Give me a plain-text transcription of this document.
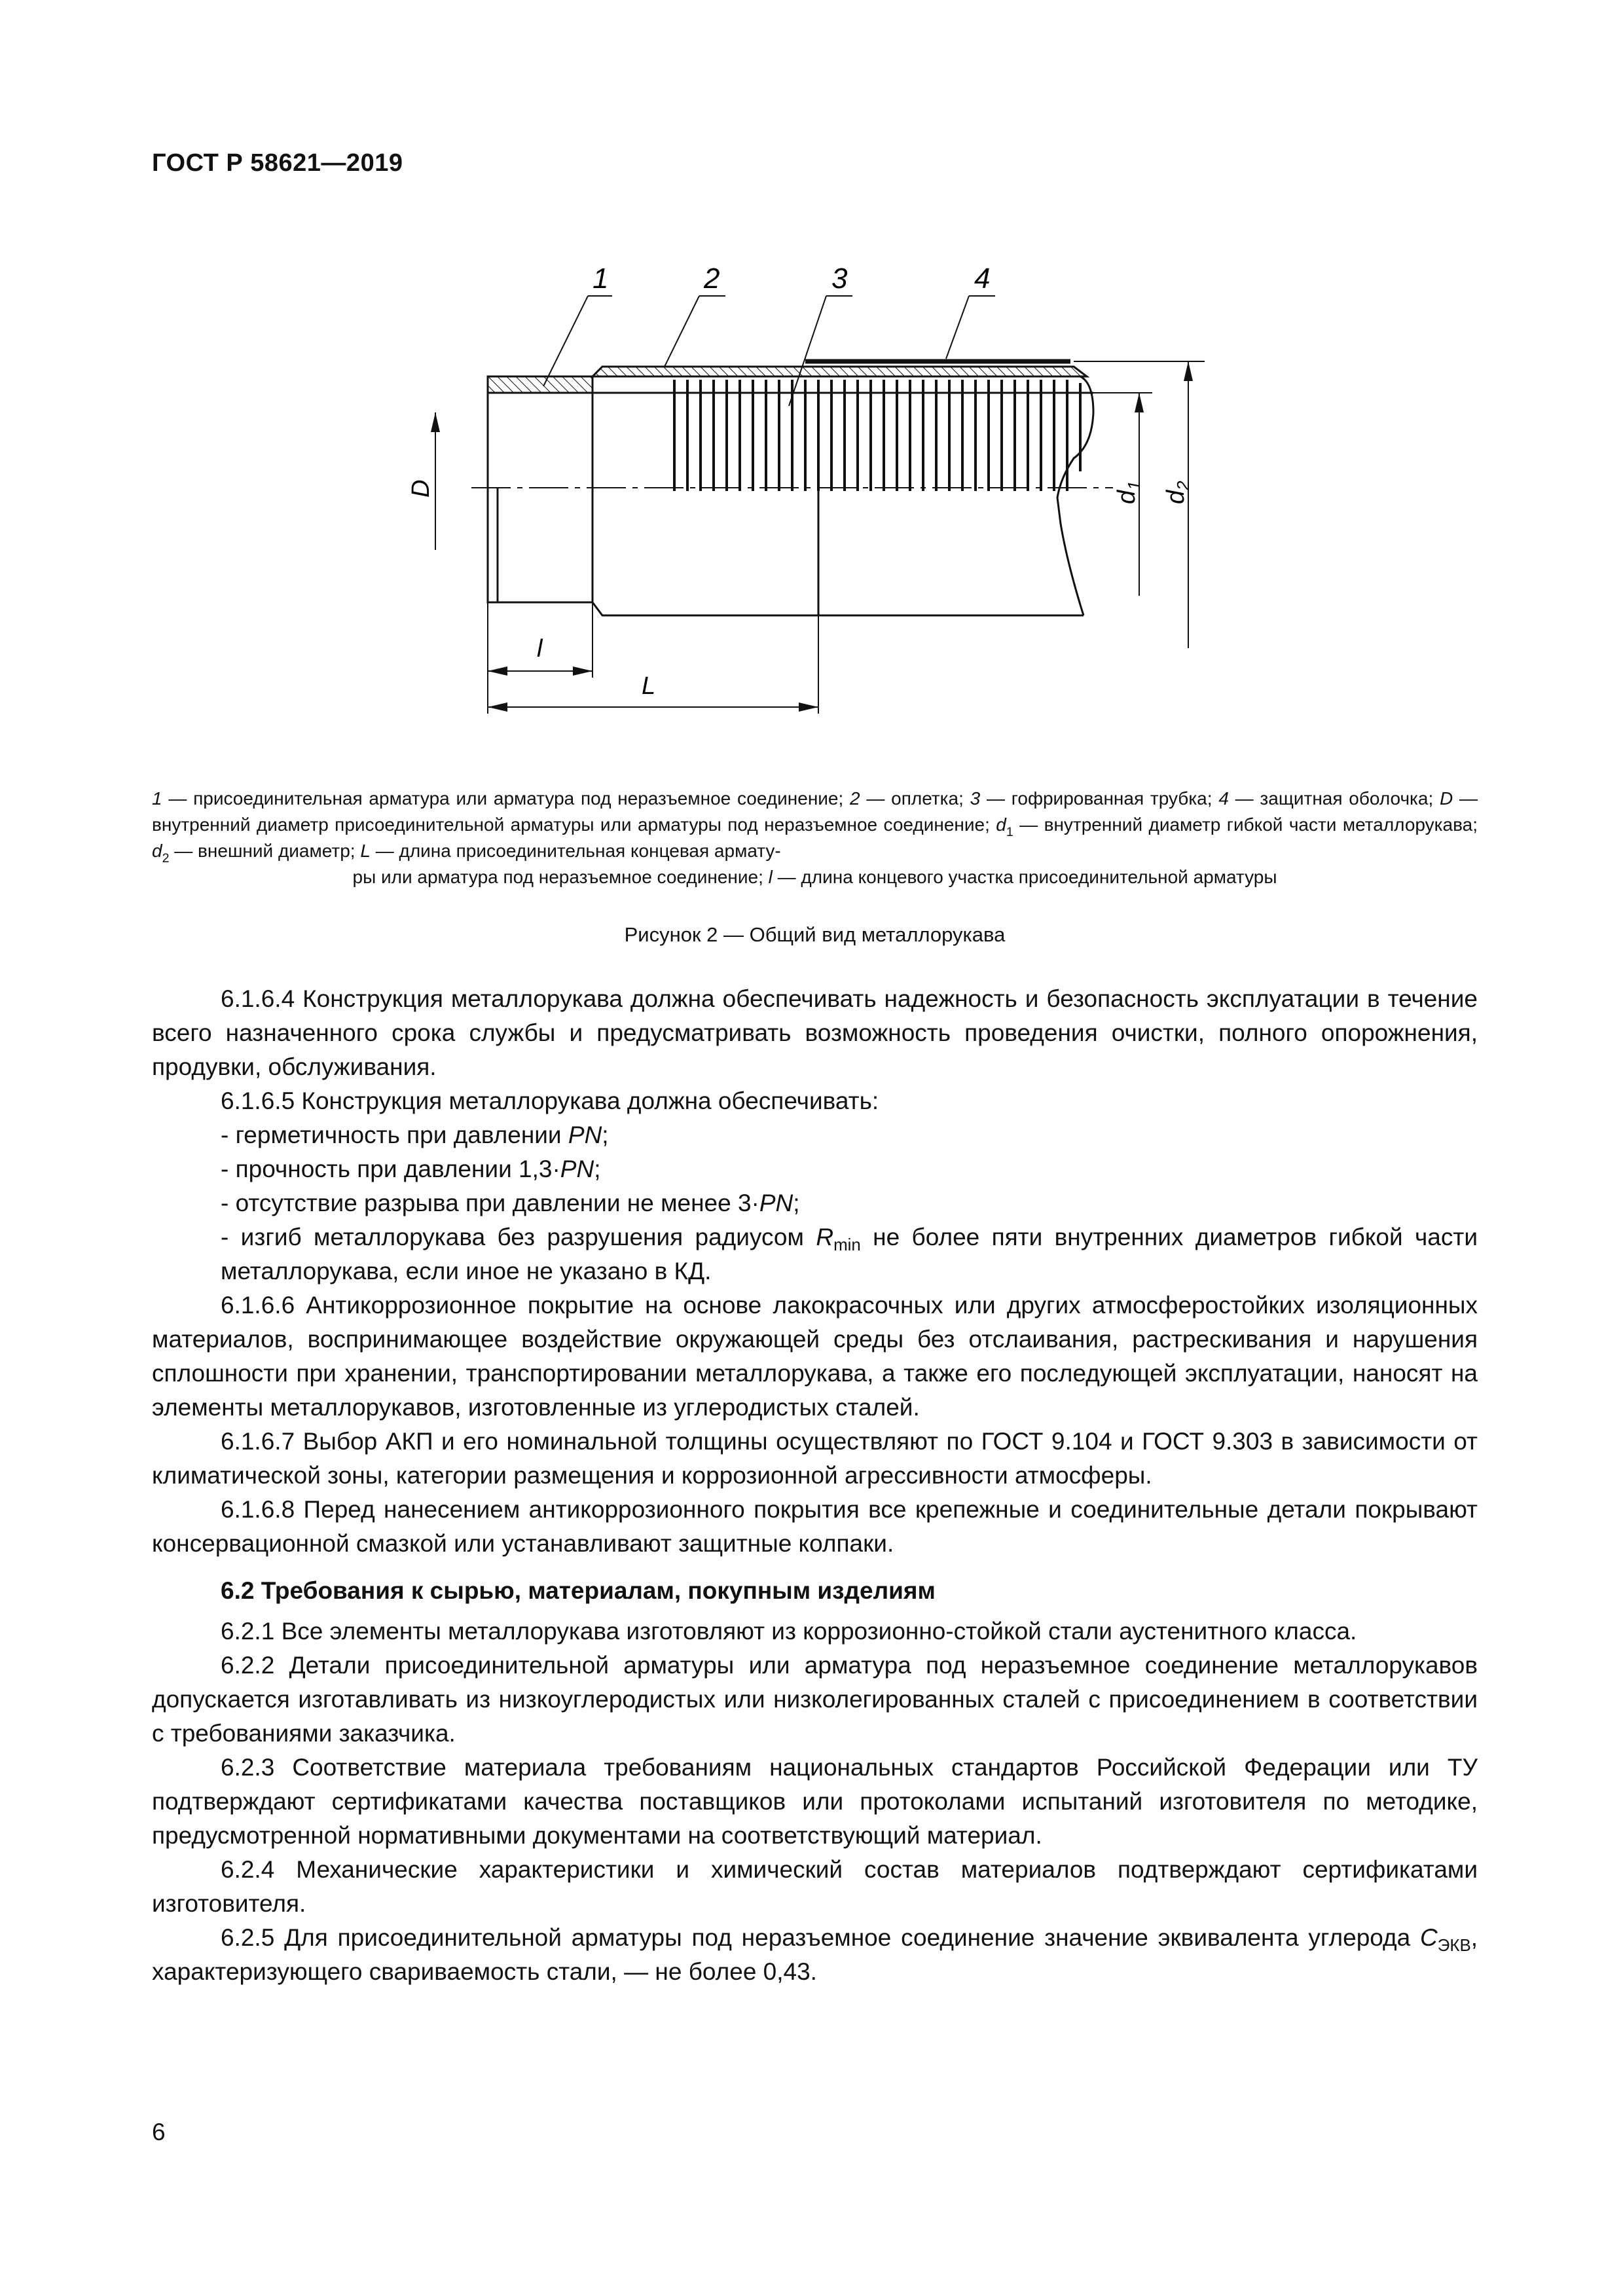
ГОСТ Р 58621—2019
1	2	3	4
D	$d_1$
$d_2$
l
L
1 — присоединительная арматура или арматура под неразъемное соединение; 2 — оплетка; 3 — гофрированная трубка; 4 — защитная оболочка; D — внутренний диаметр присоединительной арматуры или арматуры под неразъемное соединение; $d_1$ — внутренний диаметр гибкой части металлорукава; $d_2$ — внешний диаметр; L — длина присоединительная концевая армату-
ры или арматура под неразъемное соединение; l — длина концевого участка присоединительной арматуры
Рисунок 2 — Общий вид металлорукава

6.1.6.4 Конструкция металлорукава должна обеспечивать надежность и безопасность эксплуатации в течение всего назначенного срока службы и предусматривать возможность проведения очистки, полного опорожнения, продувки, обслуживания.

6.1.6.5 Конструкция металлорукава должна обеспечивать:

- герметичность при давлении PN;

- прочность при давлении 1,3·PN;

- отсутствие разрыва при давлении не менее 3·PN;

- изгиб металлорукава без разрушения радиусом $R_{min}$ не более пяти внутренних диаметров гибкой части металлорукава, если иное не указано в КД.

6.1.6.6 Антикоррозионное покрытие на основе лакокрасочных или других атмосферостойких изоляционных материалов, воспринимающее воздействие окружающей среды без отслаивания, растрескивания и нарушения сплошности при хранении, транспортировании металлорукава, а также его последующей эксплуатации, наносят на элементы металлорукавов, изготовленные из углеродистых сталей.

6.1.6.7 Выбор АКП и его номинальной толщины осуществляют по ГОСТ 9.104 и ГОСТ 9.303 в зависимости от климатической зоны, категории размещения и коррозионной агрессивности атмосферы.

6.1.6.8 Перед нанесением антикоррозионного покрытия все крепежные и соединительные детали покрывают консервационной смазкой или устанавливают защитные колпаки.

6.2 Требования к сырью, материалам, покупным изделиям

6.2.1 Все элементы металлорукава изготовляют из коррозионно-стойкой стали аустенитного класса.

6.2.2 Детали присоединительной арматуры или арматура под неразъемное соединение металлорукавов допускается изготавливать из низкоуглеродистых или низколегированных сталей с присоединением в соответствии с требованиями заказчика.

6.2.3 Соответствие материала требованиям национальных стандартов Российской Федерации или ТУ подтверждают сертификатами качества поставщиков или протоколами испытаний изготовителя по методике, предусмотренной нормативными документами на соответствующий материал.

6.2.4 Механические характеристики и химический состав материалов подтверждают сертификатами изготовителя.

6.2.5 Для присоединительной арматуры под неразъемное соединение значение эквивалента углерода $C_{ЭКВ}$, характеризующего свариваемость стали, — не более 0,43.

6
